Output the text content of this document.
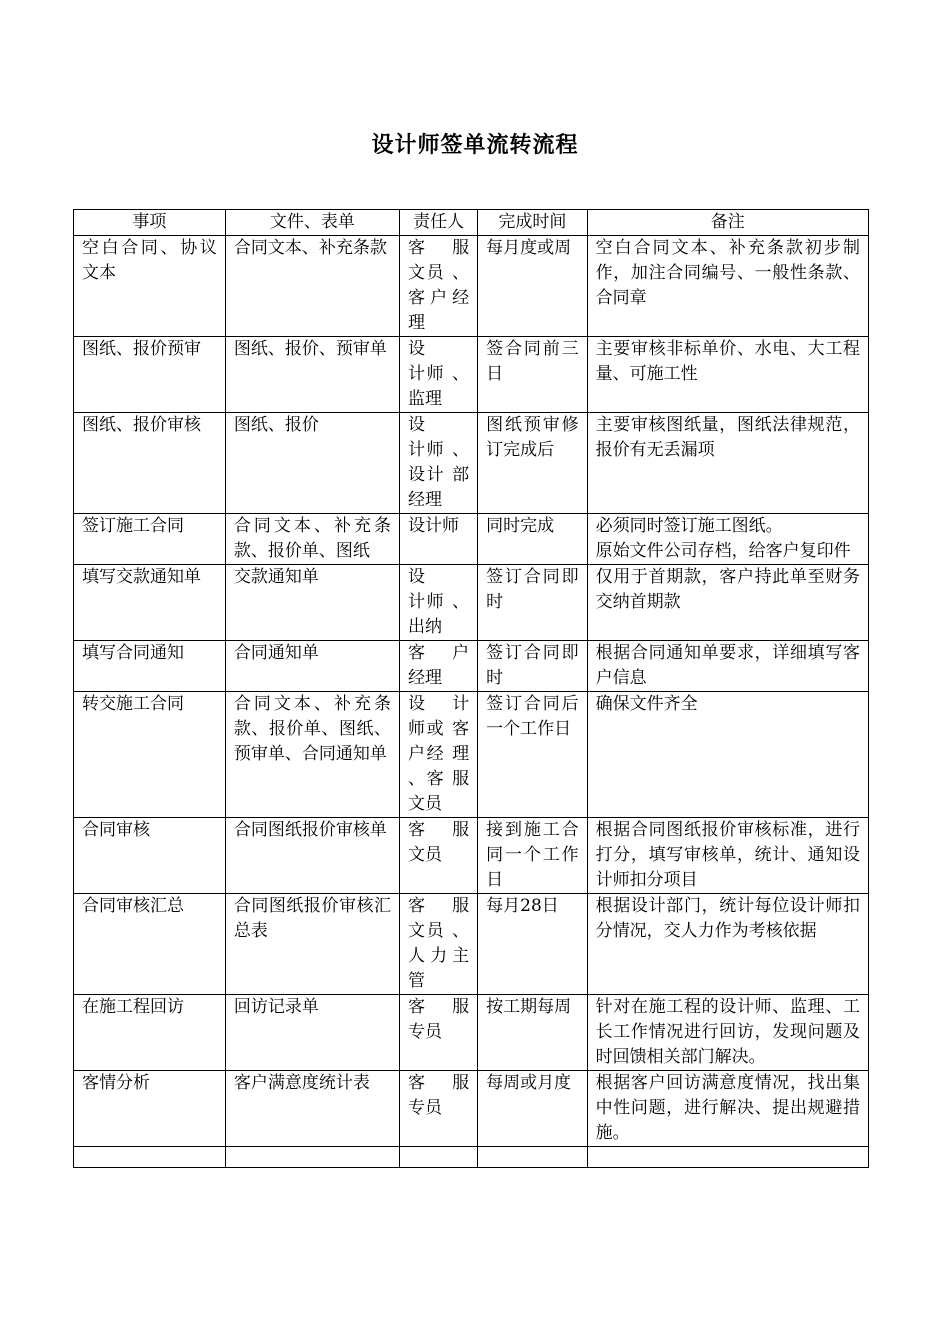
设计师签单流转流程
事项	文件、表单	责任人	完成时间	备注
空白合同、协议文本	合同文本、补充条款	客 服 文员 、 客户经理	每月度或周	空白合同文本、补充条款初步制作，加注合同编号、一般性条款、合同章
图纸、报价预审	图纸、报价、预审单	设　　计师 、 监理	签合同前三日	主要审核非标单价、水电、大工程量、可施工性
图纸、报价审核	图纸、报价	设　　计师 、 设计 部 经理	图纸预审修订完成后	主要审核图纸量，图纸法律规范，报价有无丢漏项
签订施工合同	合同文本、补充条款、报价单、图纸	设计师	同时完成	必须同时签订施工图纸。
原始文件公司存档，给客户复印件
填写交款通知单	交款通知单	设　　计师 、 出纳	签订合同即时	仅用于首期款，客户持此单至财务交纳首期款
填写合同通知	合同通知单	客 户 经理	签订合同即时	根据合同通知单要求，详细填写客户信息
转交施工合同	合同文本、补充条款、报价单、图纸、预审单、合同通知单	设 计 师或 客 户经 理 、客 服 文员	签订合同后一个工作日	确保文件齐全
合同审核	合同图纸报价审核单	客 服 文员	接到施工合同一个工作日	根据合同图纸报价审核标准，进行打分，填写审核单，统计、通知设计师扣分项目
合同审核汇总	合同图纸报价审核汇总表	客 服 文员 、 人力主管	每月28日	根据设计部门，统计每位设计师扣分情况，交人力作为考核依据
在施工程回访	回访记录单	客 服 专员	按工期每周	针对在施工程的设计师、监理、工长工作情况进行回访，发现问题及时回馈相关部门解决。
客情分析	客户满意度统计表	客 服 专员	每周或月度	根据客户回访满意度情况，找出集中性问题，进行解决、提出规避措施。
